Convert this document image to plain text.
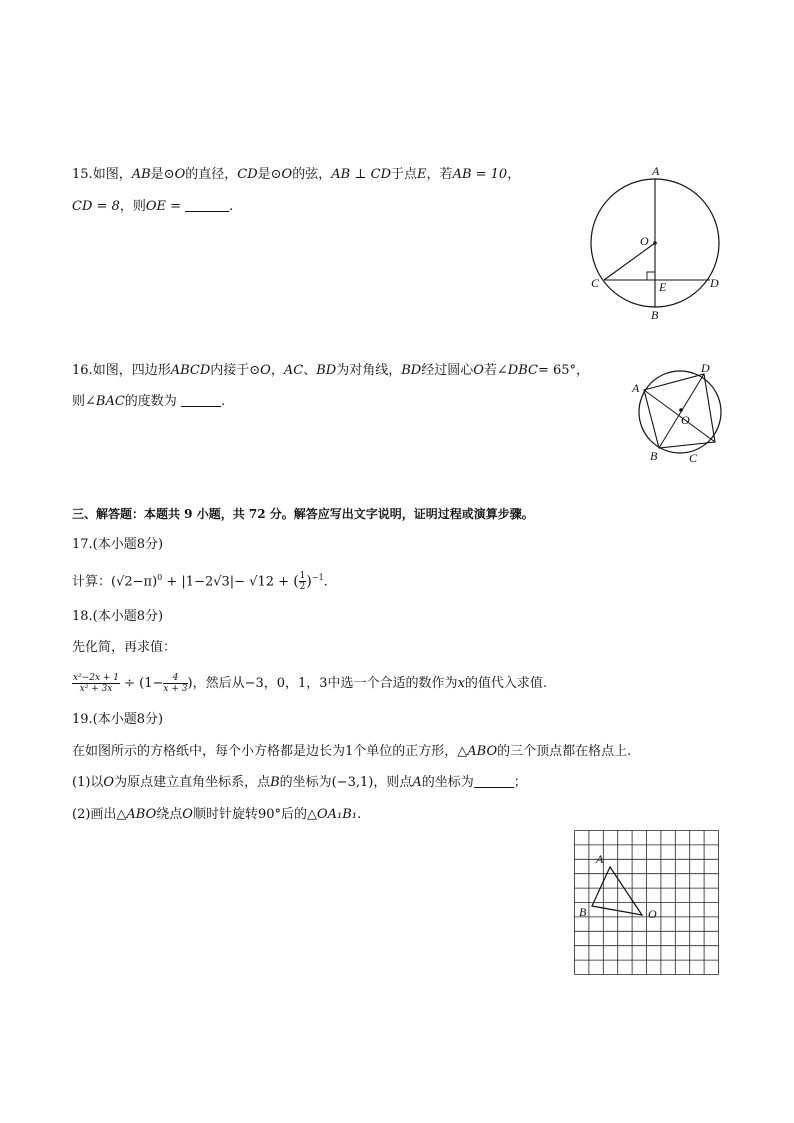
15.如图，AB是⊙O的直径，CD是⊙O的弦，AB ⊥ CD于点E，若AB = 10，
CD = 8，则OE =	.
A
O
C	E	D
B
16.如图，四边形ABCD内接于⊙O，AC、BD为对角线，BD经过圆心O若∠DBC= 65°，
则∠BAC的度数为	.
A
D
O
B	C
三、解答题：本题共 9 小题，共 72 分。解答应写出文字说明，证明过程或演算步骤。
17.(本小题8分)
计算：$(√2-\pi)^0 + |1-2√3|- √12$ + ( $\frac{1}{2} )^{-1}$.
18.(本小题8分)
先化简，再求值：
$\frac{\text{x²−2x + 1}}{\text{x² + 3x}} \div (1- \frac{4}{x + 3}$ )，然后从−3，0，1，3中选一个合适的数作为x的值代入求值.
19.(本小题8分)
在如图所示的方格纸中，每个小方格都是边长为1个单位的正方形，△ABO的三个顶点都在格点上.
(1)以O为原点建立直角坐标系，点B的坐标为(−3,1)，则点A的坐标为	；
(2)画出△ABO绕点O顺时针旋转90°后的△OA₁B₁.
A
B	O
